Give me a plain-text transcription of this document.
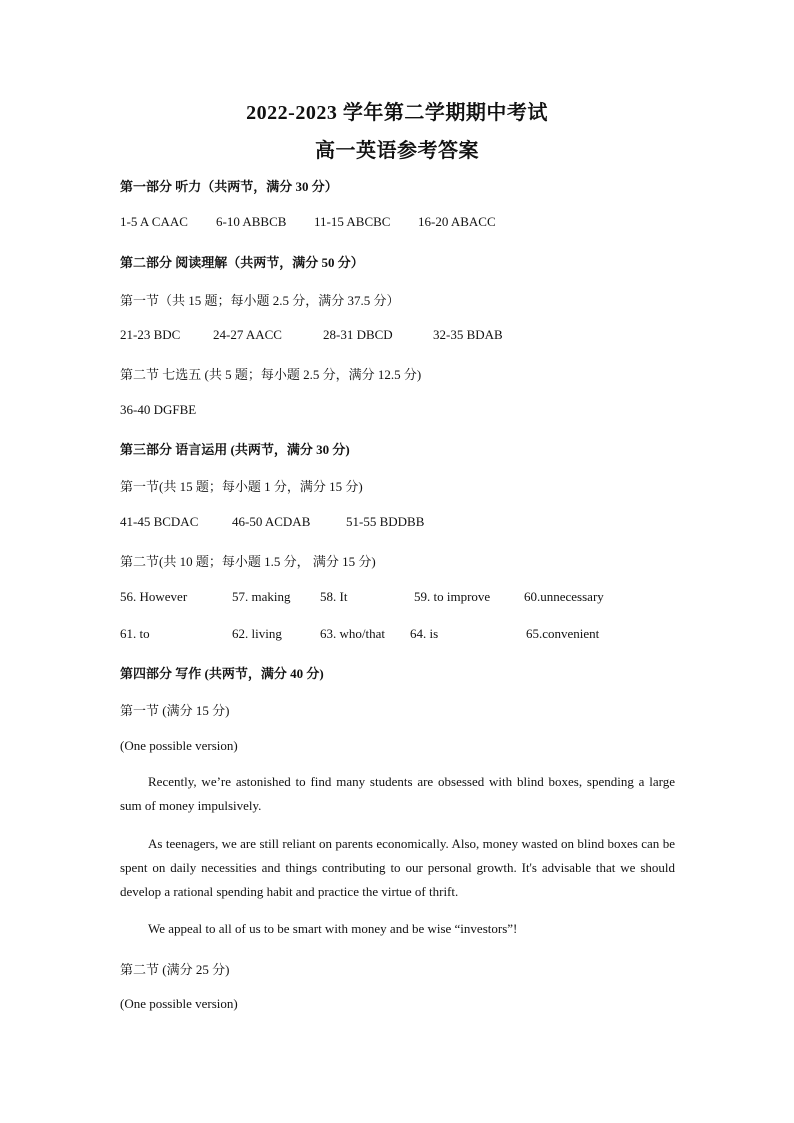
2022-2023 学年第二学期期中考试
高一英语参考答案
第一部分 听力（共两节，满分 30 分）
1-5 A CAAC 6-10 ABBCB 11-15 ABCBC 16-20 ABACC
第二部分 阅读理解（共两节，满分 50 分）
第一节（共 15 题；每小题 2.5 分，满分 37.5 分）
21-23 BDC	24-27 AACC	28-31 DBCD	32-35 BDAB
第二节 七选五 (共 5 题；每小题 2.5 分，满分 12.5 分)
36-40 DGFBE
第三部分 语言运用 (共两节，满分 30 分)
第一节(共 15 题；每小题 1 分，满分 15 分)
41-45 BCDAC	46-50 ACDAB	51-55 BDDBB
第二节(共 10 题；每小题 1.5 分， 满分 15 分)
56. However	57. making 58. It	59. to improve	60.unnecessary
61. to	62. living	63. who/that 64. is	65.convenient
第四部分 写作 (共两节，满分 40 分)
第一节 (满分 15 分)
(One possible version)
Recently, we’re astonished to find many students are obsessed with blind boxes, spending a large sum of money impulsively.
As teenagers, we are still reliant on parents economically. Also, money wasted on blind boxes can be spent on daily necessities and things contributing to our personal growth. It's advisable that we should develop a rational spending habit and practice the virtue of thrift.
We appeal to all of us to be smart with money and be wise “investors”!
第二节 (满分 25 分)
(One possible version)
